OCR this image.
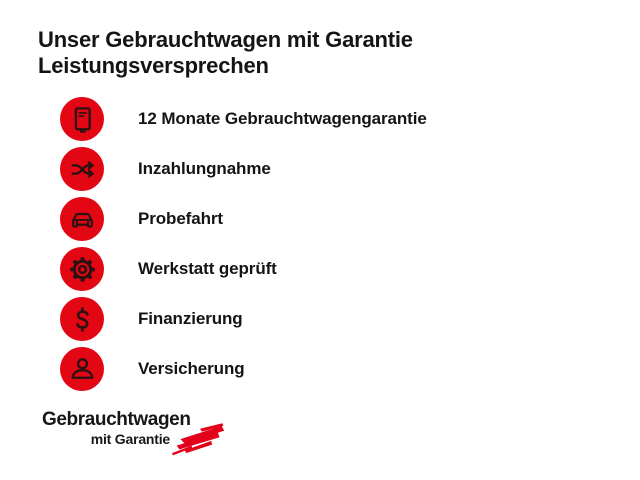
Unser Gebrauchtwagen mit Garantie
Leistungsversprechen
12 Monate Gebrauchtwagengarantie
Inzahlungnahme
Probefahrt
Werkstatt geprüft
Finanzierung
Versicherung
Gebrauchtwagen
mit Garantie
